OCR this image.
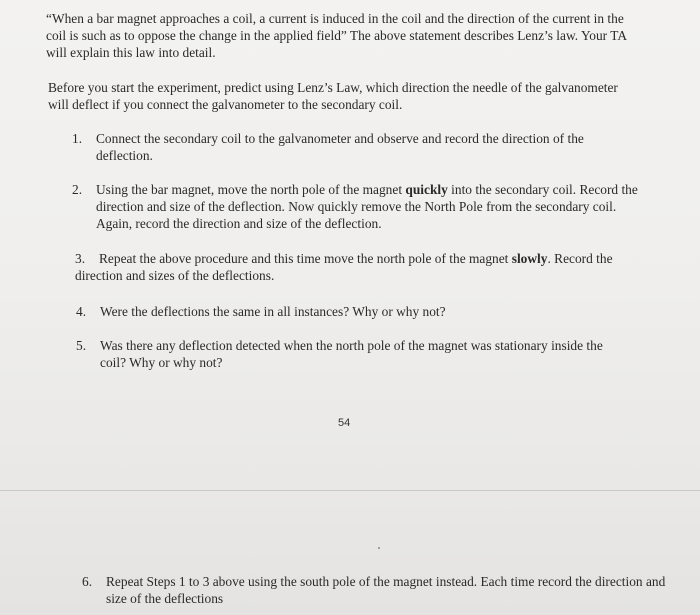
“When a bar magnet approaches a coil, a current is induced in the coil and the direction of the current in the coil is such as to oppose the change in the applied field” The above statement describes Lenz’s law. Your TA will explain this law into detail.

Before you start the experiment, predict using Lenz’s Law, which direction the needle of the galvanometer will deflect if you connect the galvanometer to the secondary coil.

1. Connect the secondary coil to the galvanometer and observe and record the direction of the deflection.
2. Using the bar magnet, move the north pole of the magnet quickly into the secondary coil. Record the direction and size of the deflection. Now quickly remove the North Pole from the secondary coil. Again, record the direction and size of the deflection.
3.	Repeat the above procedure and this time move the north pole of the magnet slowly. Record the direction and sizes of the deflections.
4. Were the deflections the same in all instances? Why or why not?
5. Was there any deflection detected when the north pole of the magnet was stationary inside the coil? Why or why not?
54
6. Repeat Steps 1 to 3 above using the south pole of the magnet instead. Each time record the direction and size of the deflections
